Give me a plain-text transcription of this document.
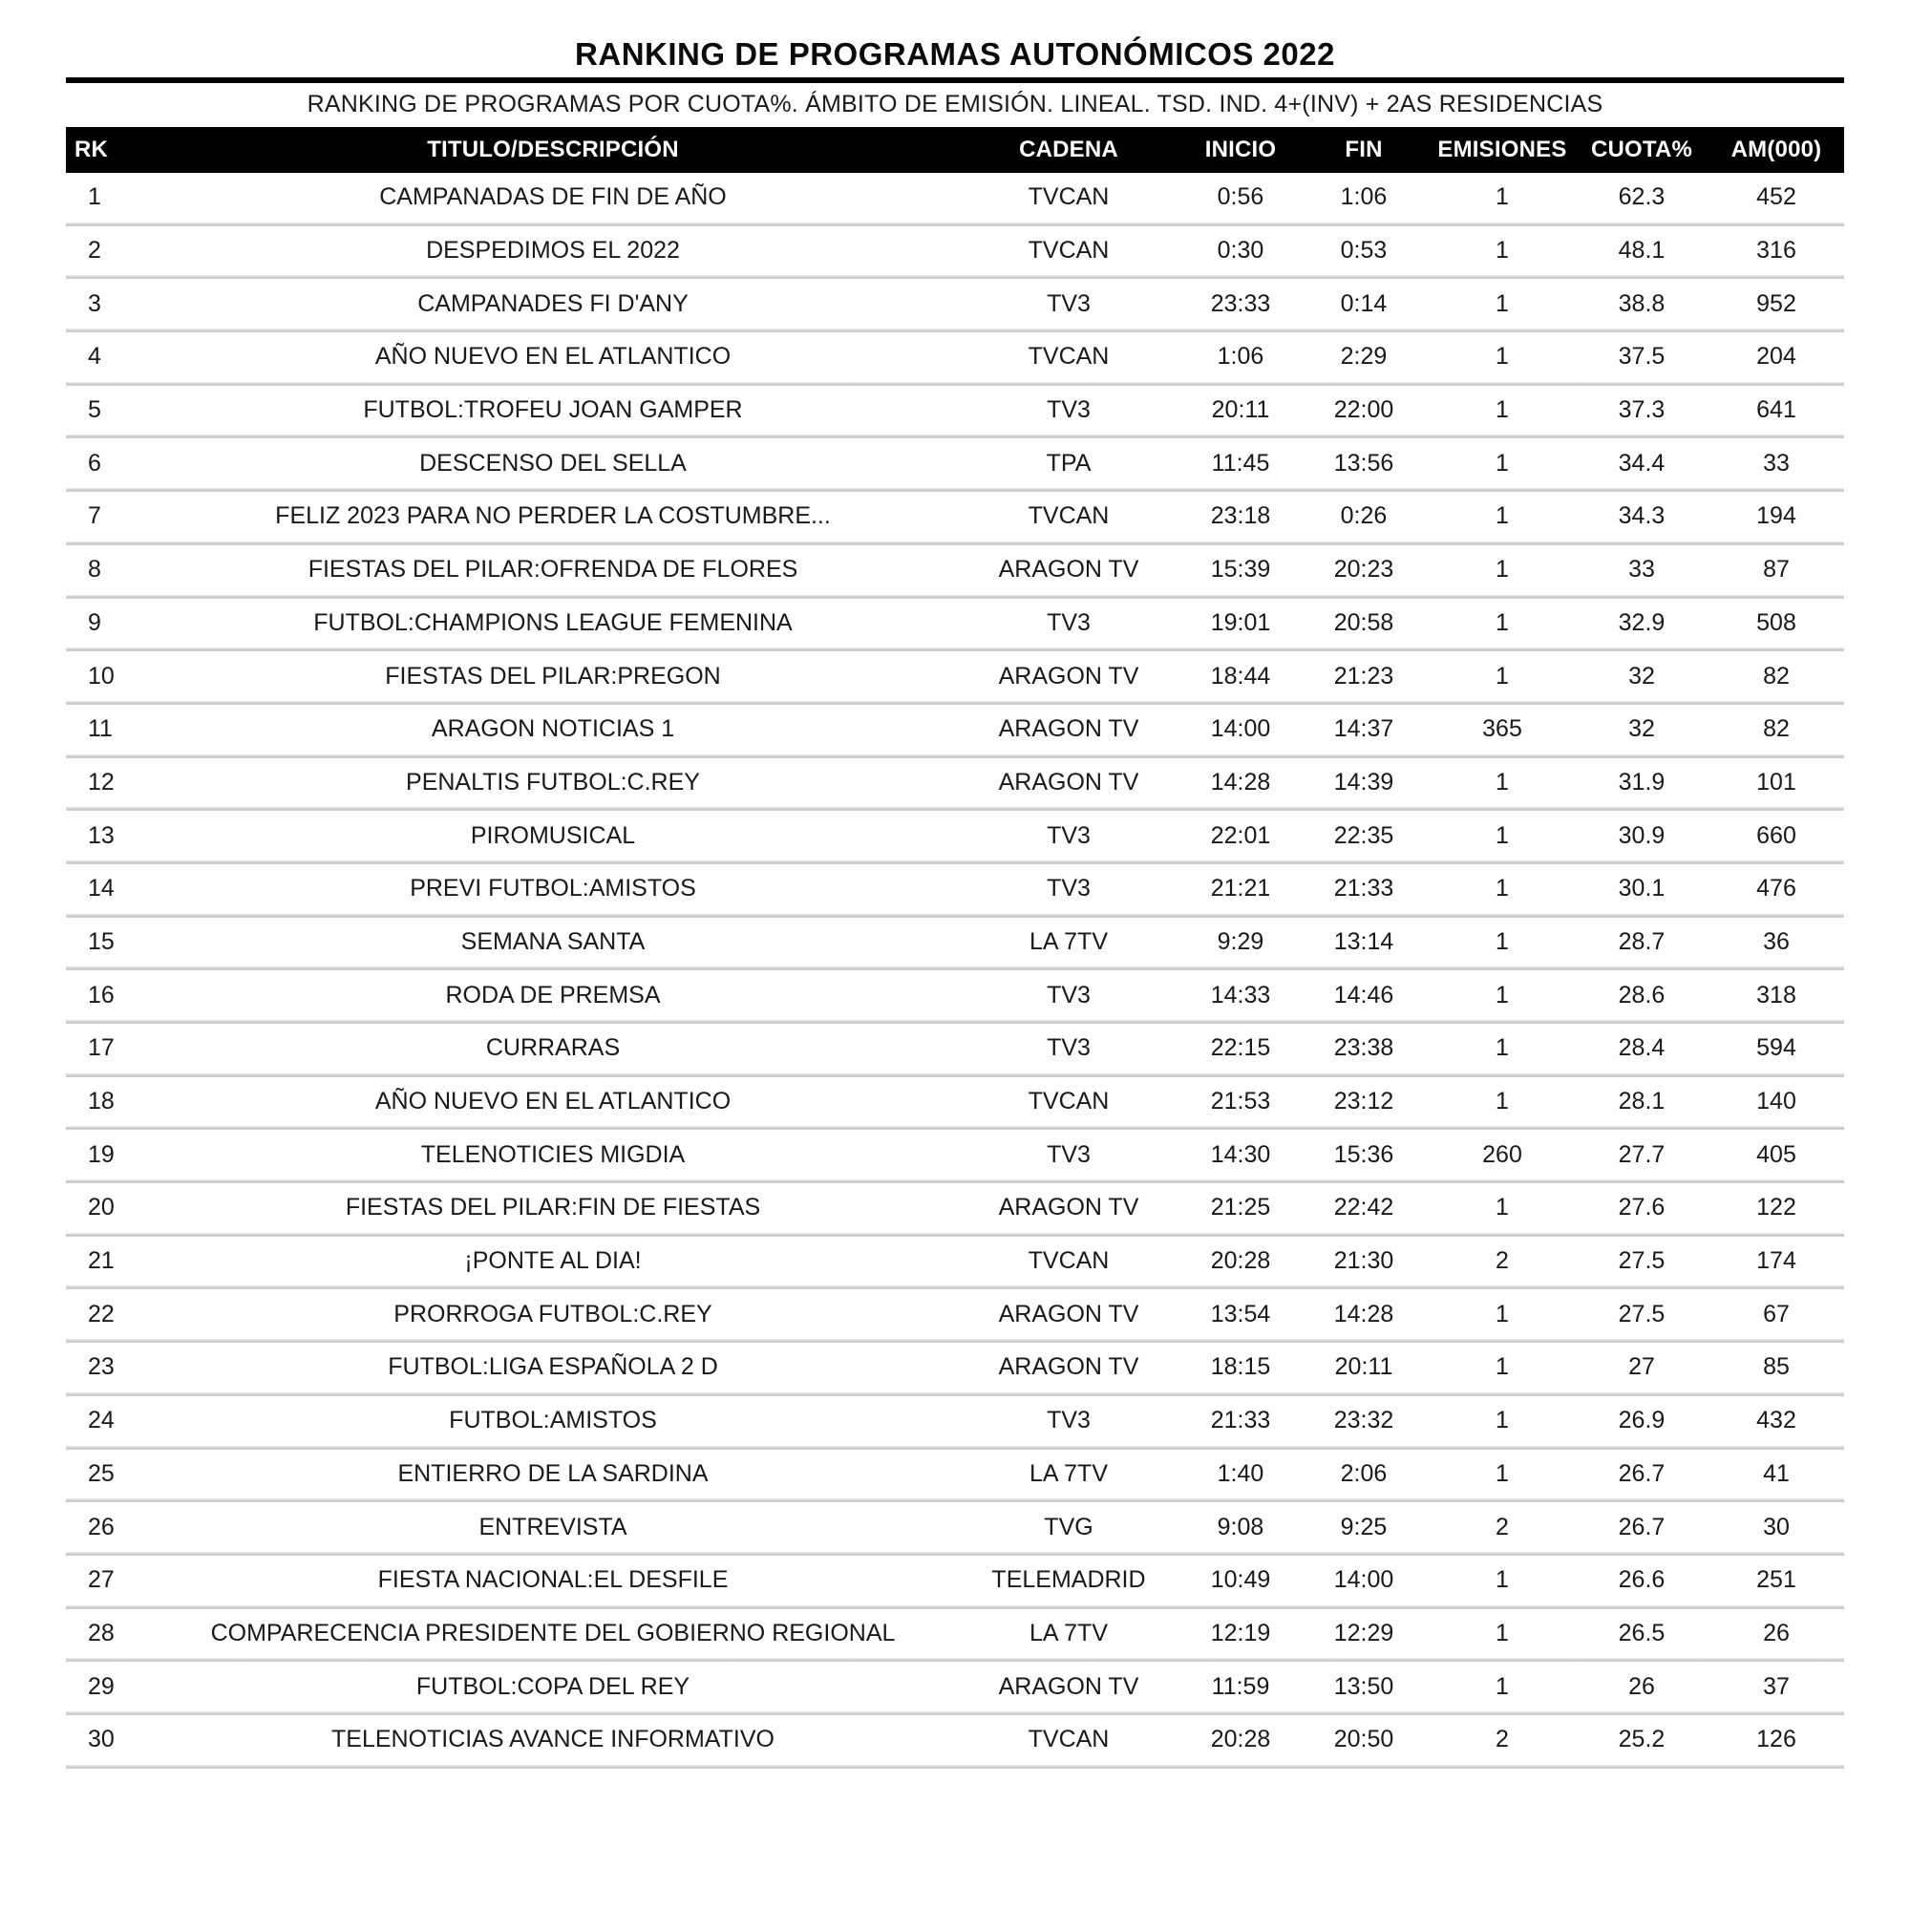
RANKING DE PROGRAMAS AUTONÓMICOS 2022
RANKING DE PROGRAMAS POR CUOTA%. ÁMBITO DE EMISIÓN. LINEAL. TSD. IND. 4+(INV) + 2AS RESIDENCIAS
RK	TITULO/DESCRIPCIÓN	CADENA	INICIO	FIN	EMISIONES	CUOTA%	AM(000)
1	CAMPANADAS DE FIN DE AÑO	TVCAN	0:56	1:06	1	62.3	452
2	DESPEDIMOS EL 2022	TVCAN	0:30	0:53	1	48.1	316
3	CAMPANADES FI D'ANY	TV3	23:33	0:14	1	38.8	952
4	AÑO NUEVO EN EL ATLANTICO	TVCAN	1:06	2:29	1	37.5	204
5	FUTBOL:TROFEU JOAN GAMPER	TV3	20:11	22:00	1	37.3	641
6	DESCENSO DEL SELLA	TPA	11:45	13:56	1	34.4	33
7	FELIZ 2023 PARA NO PERDER LA COSTUMBRE...	TVCAN	23:18	0:26	1	34.3	194
8	FIESTAS DEL PILAR:OFRENDA DE FLORES	ARAGON TV	15:39	20:23	1	33	87
9	FUTBOL:CHAMPIONS LEAGUE FEMENINA	TV3	19:01	20:58	1	32.9	508
10	FIESTAS DEL PILAR:PREGON	ARAGON TV	18:44	21:23	1	32	82
11	ARAGON NOTICIAS 1	ARAGON TV	14:00	14:37	365	32	82
12	PENALTIS FUTBOL:C.REY	ARAGON TV	14:28	14:39	1	31.9	101
13	PIROMUSICAL	TV3	22:01	22:35	1	30.9	660
14	PREVI FUTBOL:AMISTOS	TV3	21:21	21:33	1	30.1	476
15	SEMANA SANTA	LA 7TV	9:29	13:14	1	28.7	36
16	RODA DE PREMSA	TV3	14:33	14:46	1	28.6	318
17	CURRARAS	TV3	22:15	23:38	1	28.4	594
18	AÑO NUEVO EN EL ATLANTICO	TVCAN	21:53	23:12	1	28.1	140
19	TELENOTICIES MIGDIA	TV3	14:30	15:36	260	27.7	405
20	FIESTAS DEL PILAR:FIN DE FIESTAS	ARAGON TV	21:25	22:42	1	27.6	122
21	¡PONTE AL DIA!	TVCAN	20:28	21:30	2	27.5	174
22	PRORROGA FUTBOL:C.REY	ARAGON TV	13:54	14:28	1	27.5	67
23	FUTBOL:LIGA ESPAÑOLA 2 D	ARAGON TV	18:15	20:11	1	27	85
24	FUTBOL:AMISTOS	TV3	21:33	23:32	1	26.9	432
25	ENTIERRO DE LA SARDINA	LA 7TV	1:40	2:06	1	26.7	41
26	ENTREVISTA	TVG	9:08	9:25	2	26.7	30
27	FIESTA NACIONAL:EL DESFILE	TELEMADRID	10:49	14:00	1	26.6	251
28	COMPARECENCIA PRESIDENTE DEL GOBIERNO REGIONAL	LA 7TV	12:19	12:29	1	26.5	26
29	FUTBOL:COPA DEL REY	ARAGON TV	11:59	13:50	1	26	37
30	TELENOTICIAS AVANCE INFORMATIVO	TVCAN	20:28	20:50	2	25.2	126
